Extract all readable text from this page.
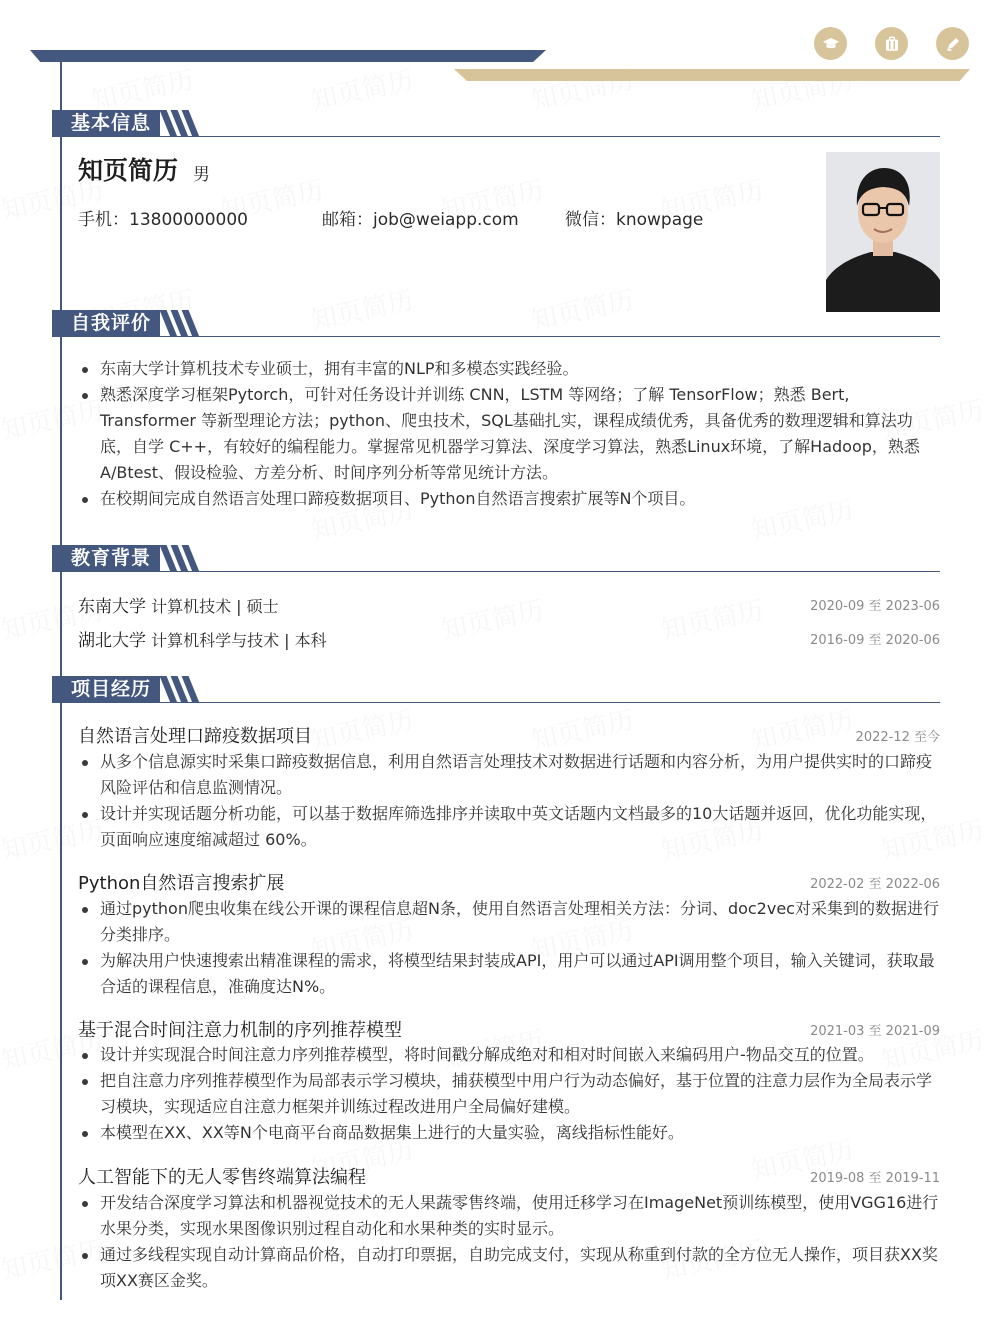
基本信息
知页简历 男
手机：13800000000	邮箱：job@weiapp.com	微信：knowpage
自我评价
东南大学计算机技术专业硕士，拥有丰富的NLP和多模态实践经验。
熟悉深度学习框架Pytorch，可针对任务设计并训练 CNN，LSTM 等网络；了解 TensorFlow；熟悉 Bert, Transformer 等新型理论方法；python、爬虫技术，SQL基础扎实，课程成绩优秀，具备优秀的数理逻辑和算法功底，自学 C++，有较好的编程能力。掌握常见机器学习算法、深度学习算法，熟悉Linux环境，了解Hadoop，熟悉A/Btest、假设检验、方差分析、时间序列分析等常见统计方法。
在校期间完成自然语言处理口蹄疫数据项目、Python自然语言搜索扩展等N个项目。
教育背景
东南大学 计算机技术 | 硕士	2020-09 至 2023-06
湖北大学 计算机科学与技术 | 本科	2016-09 至 2020-06
项目经历
自然语言处理口蹄疫数据项目	2022-12 至今
从多个信息源实时采集口蹄疫数据信息，利用自然语言处理技术对数据进行话题和内容分析，为用户提供实时的口蹄疫风险评估和信息监测情况。
设计并实现话题分析功能，可以基于数据库筛选排序并读取中英文话题内文档最多的10大话题并返回，优化功能实现，页面响应速度缩减超过 60%。
Python自然语言搜索扩展	2022-02 至 2022-06
通过python爬虫收集在线公开课的课程信息超N条，使用自然语言处理相关方法：分词、doc2vec对采集到的数据进行分类排序。
为解决用户快速搜索出精准课程的需求，将模型结果封装成API，用户可以通过API调用整个项目，输入关键词，获取最合适的课程信息，准确度达N%。
基于混合时间注意力机制的序列推荐模型	2021-03 至 2021-09
设计并实现混合时间注意力序列推荐模型，将时间戳分解成绝对和相对时间嵌入来编码用户-物品交互的位置。
把自注意力序列推荐模型作为局部表示学习模块，捕获模型中用户行为动态偏好，基于位置的注意力层作为全局表示学习模块，实现适应自注意力框架并训练过程改进用户全局偏好建模。
本模型在XX、XX等N个电商平台商品数据集上进行的大量实验，离线指标性能好。
人工智能下的无人零售终端算法编程	2019-08 至 2019-11
开发结合深度学习算法和机器视觉技术的无人果蔬零售终端，使用迁移学习在ImageNet预训练模型，使用VGG16进行水果分类，实现水果图像识别过程自动化和水果种类的实时显示。
通过多线程实现自动计算商品价格，自动打印票据，自助完成支付，实现从称重到付款的全方位无人操作，项目获XX奖项XX赛区金奖。
